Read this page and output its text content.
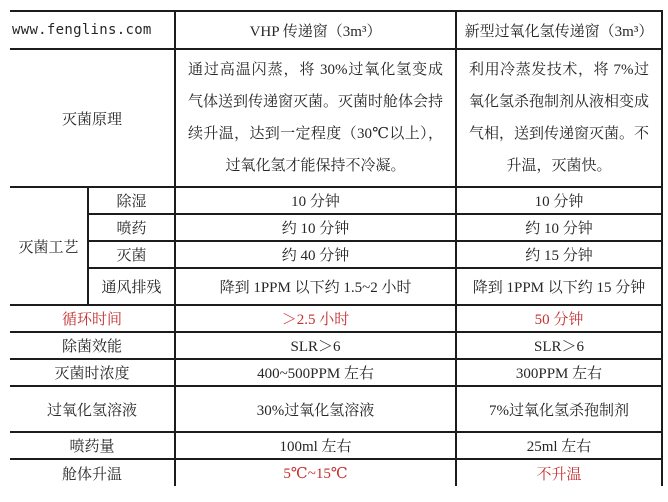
www.fenglins.com		VHP 传递窗（3m³）	新型过氧化氢传递窗（3m³）
灭菌原理		通过高温闪蒸，将 30%过氧化氢变成气体送到传递窗灭菌。灭菌时舱体会持续升温，达到一定程度（30℃以上），过氧化氢才能保持不冷凝。	利用冷蒸发技术，将 7%过氧化氢杀孢制剂从液相变成气相，送到传递窗灭菌。不升温，灭菌快。
灭菌工艺	除湿	10 分钟	10 分钟
	喷药	约 10 分钟	约 10 分钟
	灭菌	约 40 分钟	约 15 分钟
	通风排残	降到 1PPM 以下约 1.5~2 小时	降到 1PPM 以下约 15 分钟
循环时间		＞2.5 小时	50 分钟
除菌效能		SLR＞6	SLR＞6
灭菌时浓度		400~500PPM 左右	300PPM 左右
过氧化氢溶液		30%过氧化氢溶液	7%过氧化氢杀孢制剂
喷药量		100ml 左右	25ml 左右
舱体升温		5℃~15℃	不升温
